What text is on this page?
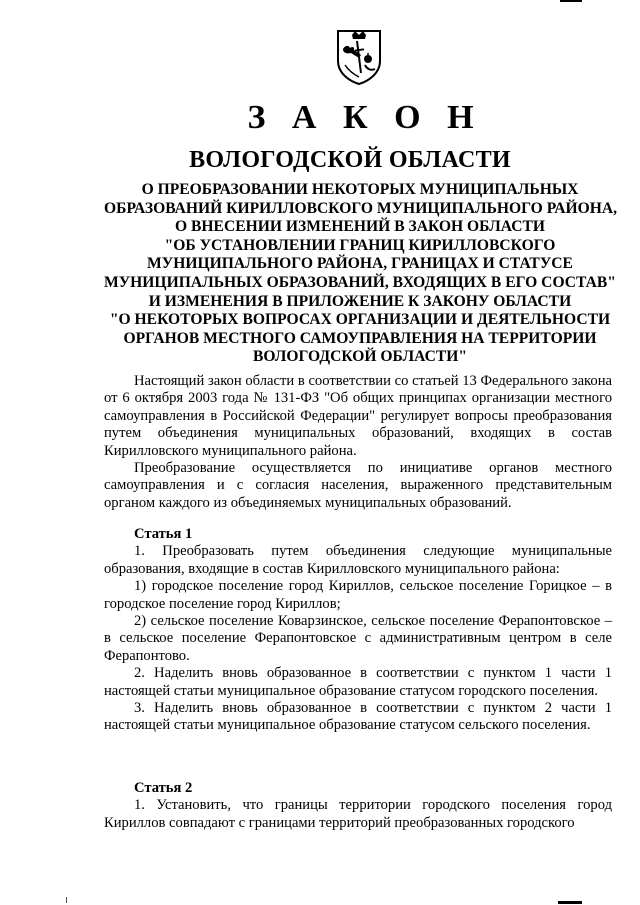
З А К О Н
ВОЛОГОДСКОЙ ОБЛАСТИ
О ПРЕОБРАЗОВАНИИ НЕКОТОРЫХ МУНИЦИПАЛЬНЫХ
ОБРАЗОВАНИЙ КИРИЛЛОВСКОГО МУНИЦИПАЛЬНОГО РАЙОНА,
О ВНЕСЕНИИ ИЗМЕНЕНИЙ В ЗАКОН ОБЛАСТИ
"ОБ УСТАНОВЛЕНИИ ГРАНИЦ КИРИЛЛОВСКОГО
МУНИЦИПАЛЬНОГО РАЙОНА, ГРАНИЦАХ И СТАТУСЕ
МУНИЦИПАЛЬНЫХ ОБРАЗОВАНИЙ, ВХОДЯЩИХ В ЕГО СОСТАВ"
И ИЗМЕНЕНИЯ В ПРИЛОЖЕНИЕ К ЗАКОНУ ОБЛАСТИ
"О НЕКОТОРЫХ ВОПРОСАХ ОРГАНИЗАЦИИ И ДЕЯТЕЛЬНОСТИ
ОРГАНОВ МЕСТНОГО САМОУПРАВЛЕНИЯ НА ТЕРРИТОРИИ
ВОЛОГОДСКОЙ ОБЛАСТИ"

Настоящий закон области в соответствии со статьей 13 Федерального закона от 6 октября 2003 года № 131-ФЗ "Об общих принципах организации местного самоуправления в Российской Федерации" регулирует вопросы преобразования путем объединения муниципальных образований, входящих в состав Кирилловского муниципального района.

Преобразование осуществляется по инициативе органов местного самоуправления и с согласия населения, выраженного представительным органом каждого из объединяемых муниципальных образований.

Статья 1

1. Преобразовать путем объединения следующие муниципальные образования, входящие в состав Кирилловского муниципального района:

1) городское поселение город Кириллов, сельское поселение Горицкое – в городское поселение город Кириллов;

2) сельское поселение Коварзинское, сельское поселение Ферапонтовское – в сельское поселение Ферапонтовское с административным центром в селе Ферапонтово.

2. Наделить вновь образованное в соответствии с пунктом 1 части 1 настоящей статьи муниципальное образование статусом городского поселения.

3. Наделить вновь образованное в соответствии с пунктом 2 части 1 настоящей статьи муниципальное образование статусом сельского поселения.

Статья 2

1. Установить, что границы территории городского поселения город Кириллов совпадают с границами территорий преобразованных городского
